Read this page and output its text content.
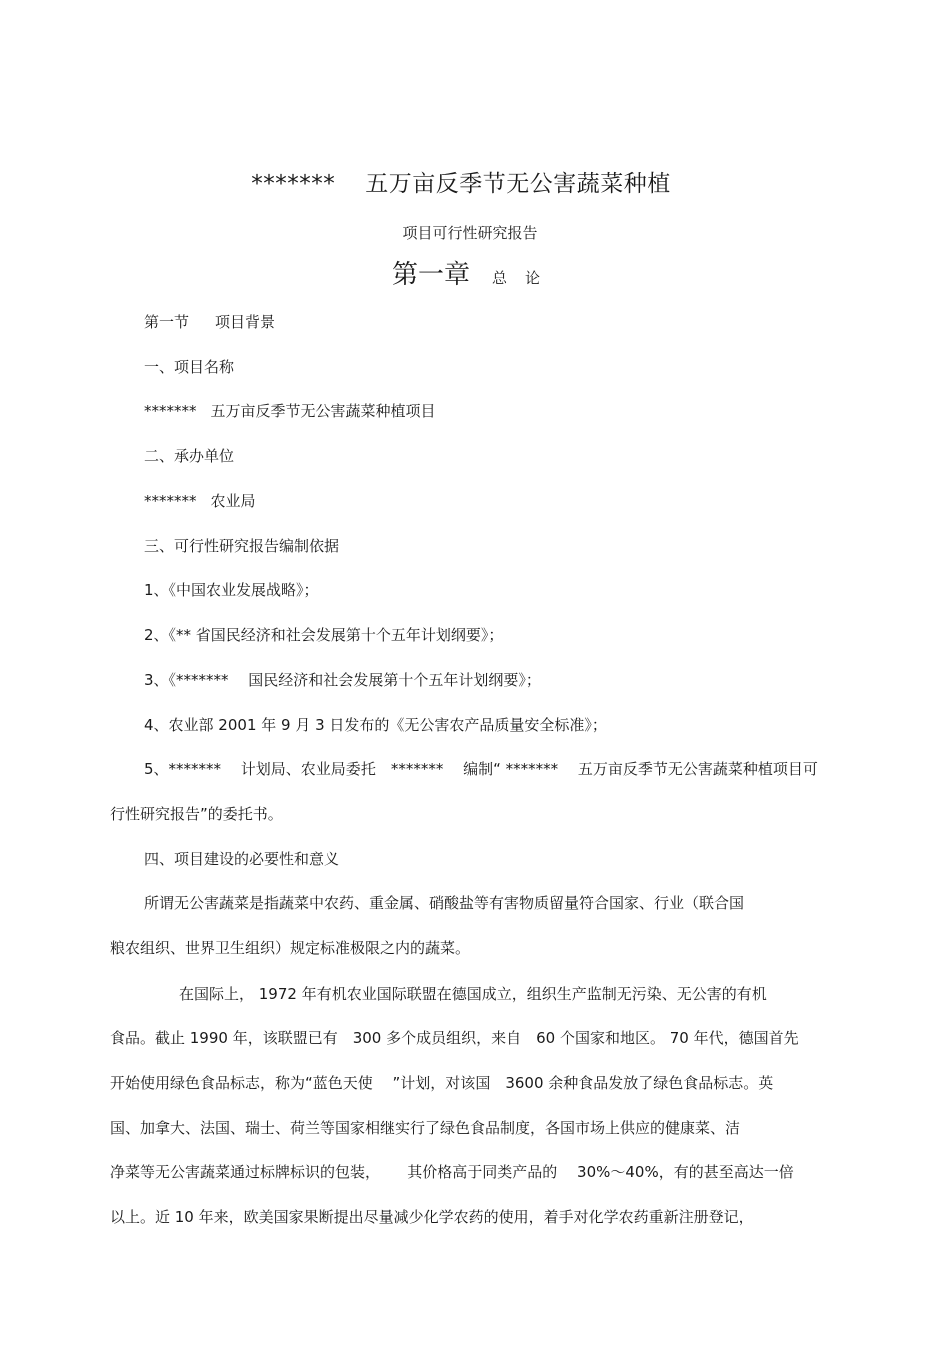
******* 五万亩反季节无公害蔬菜种植
项目可行性研究报告
第一章 总论
第一节 项目背景
一、项目名称
******* 五万亩反季节无公害蔬菜种植项目
二、承办单位
******* 农业局
三、可行性研究报告编制依据
1、《中国农业发展战略》；
2、《** 省国民经济和社会发展第十个五年计划纲要》；
3、《*******　 国民经济和社会发展第十个五年计划纲要》；
4、农业部 2001 年 9 月 3 日发布的《无公害农产品质量安全标准》；
5、*******　 计划局、农业局委托　*******　 编制“ *******　 五万亩反季节无公害蔬菜种植项目可
行性研究报告”的委托书。
四、项目建设的必要性和意义
所谓无公害蔬菜是指蔬菜中农药、重金属、硝酸盐等有害物质留量符合国家、行业（联合国
粮农组织、世界卫生组织）规定标准极限之内的蔬菜。
在国际上， 1972 年有机农业国际联盟在德国成立，组织生产监制无污染、无公害的有机
食品。截止 1990 年，该联盟已有　300 多个成员组织，来自　60 个国家和地区。 70 年代，德国首先
开始使用绿色食品标志，称为“蓝色天使　 ”计划，对该国　3600 余种食品发放了绿色食品标志。英
国、加拿大、法国、瑞士、荷兰等国家相继实行了绿色食品制度，各国市场上供应的健康菜、洁
净菜等无公害蔬菜通过标牌标识的包装，　　 其价格高于同类产品的　 30%～40%，有的甚至高达一倍
以上。近 10 年来，欧美国家果断提出尽量减少化学农药的使用，着手对化学农药重新注册登记，
